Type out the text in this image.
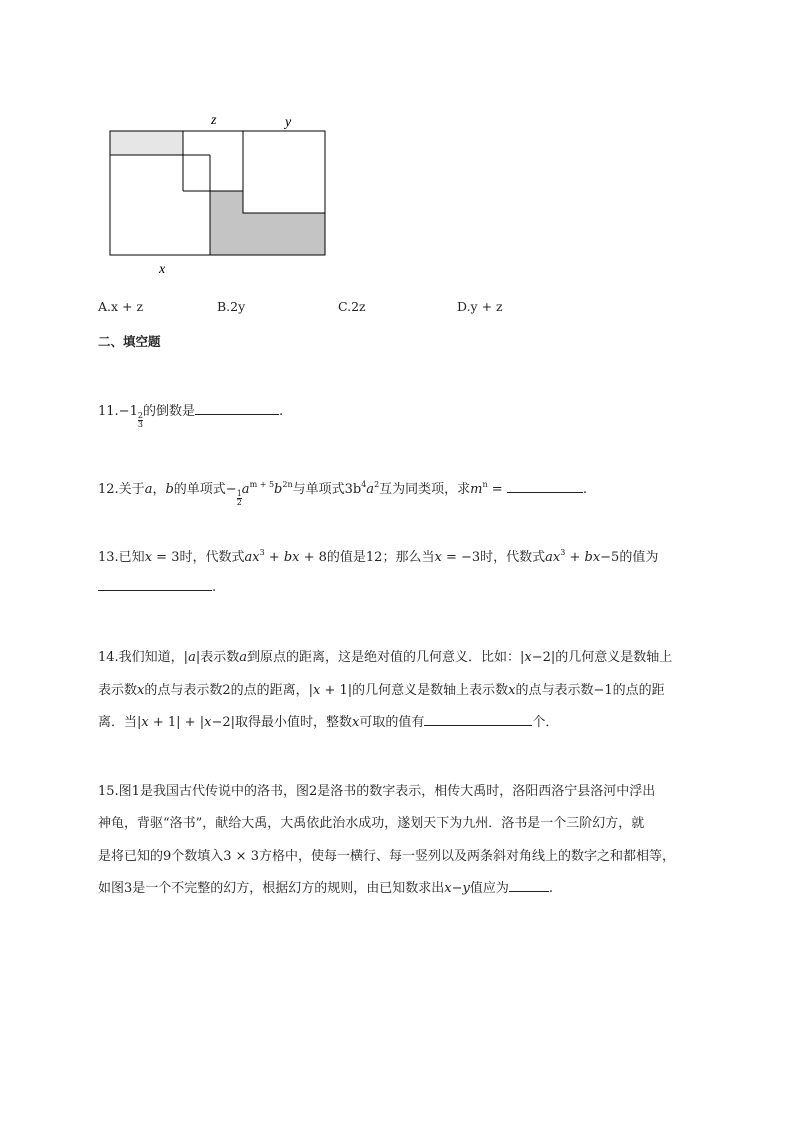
z	y
x
A.x + z	B.2y	C.2z	D.y + z
二、填空题
11.−1
$\frac{2}{3}$
的倒数是	.
12.关于a，b的单项式−
$\frac{1}{2}$
$a^{m + 5}b^{2n}$与单项式$3b^4a^2$互为同类项，求$m^n$ =	.
13.已知x = 3时，代数式$ax^3$ + bx + 8的值是12；那么当x = −3时，代数式$ax^3 + bx-5$的值为
.
14.我们知道，|a|表示数a到原点的距离，这是绝对值的几何意义．比如：|x−2|的几何意义是数轴上
表示数x的点与表示数2的点的距离，|x + 1|的几何意义是数轴上表示数x的点与表示数−1的点的距
离．当|x + 1| + |x−2|取得最小值时，整数x可取的值有	个．
15.图1是我国古代传说中的洛书，图2是洛书的数字表示，相传大禹时，洛阳西洛宁县洛河中浮出
神龟，背驱“洛书”，献给大禹，大禹依此治水成功，遂划天下为九州．洛书是一个三阶幻方，就
是将已知的9个数填入3 × 3方格中，使每一横行、每一竖列以及两条斜对角线上的数字之和都相等，
如图3是一个不完整的幻方，根据幻方的规则，由已知数求出x−y值应为	.
